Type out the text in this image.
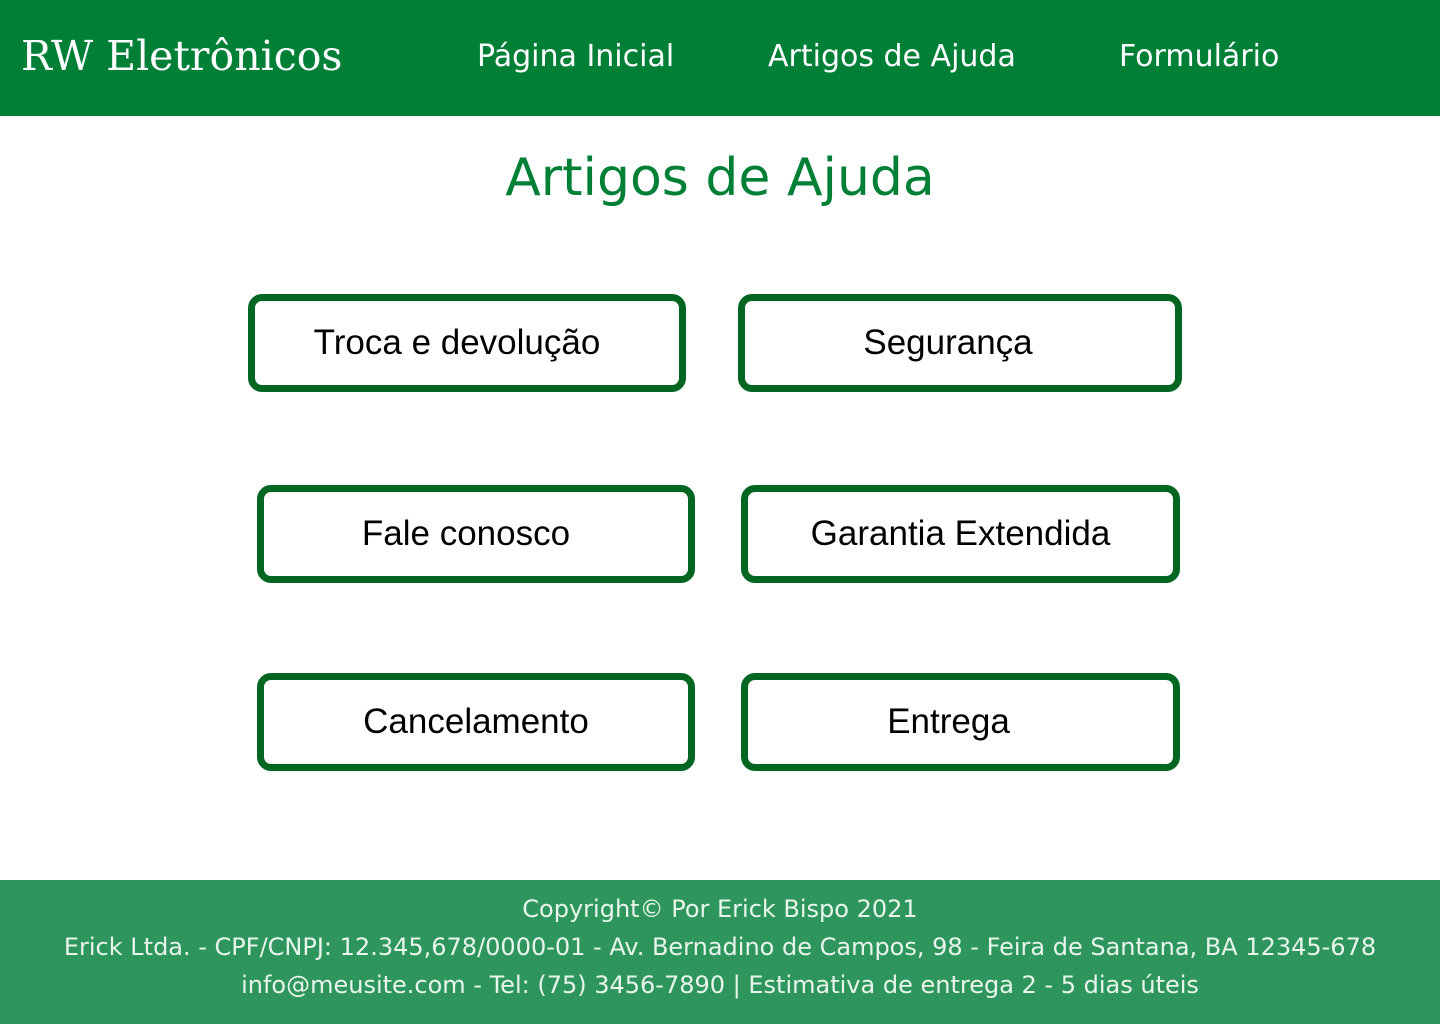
RW Eletrônicos	Página Inicial	Artigos de Ajuda	Formulário
Artigos de Ajuda
Troca e devolução	Segurança
Fale conosco	Garantia Extendida
Cancelamento	Entrega
Copyright© Por Erick Bispo 2021
Erick Ltda. - CPF/CNPJ: 12.345,678/0000-01 - Av. Bernadino de Campos, 98 - Feira de Santana, BA 12345-678
info@meusite.com - Tel: (75) 3456-7890 | Estimativa de entrega 2 - 5 dias úteis
